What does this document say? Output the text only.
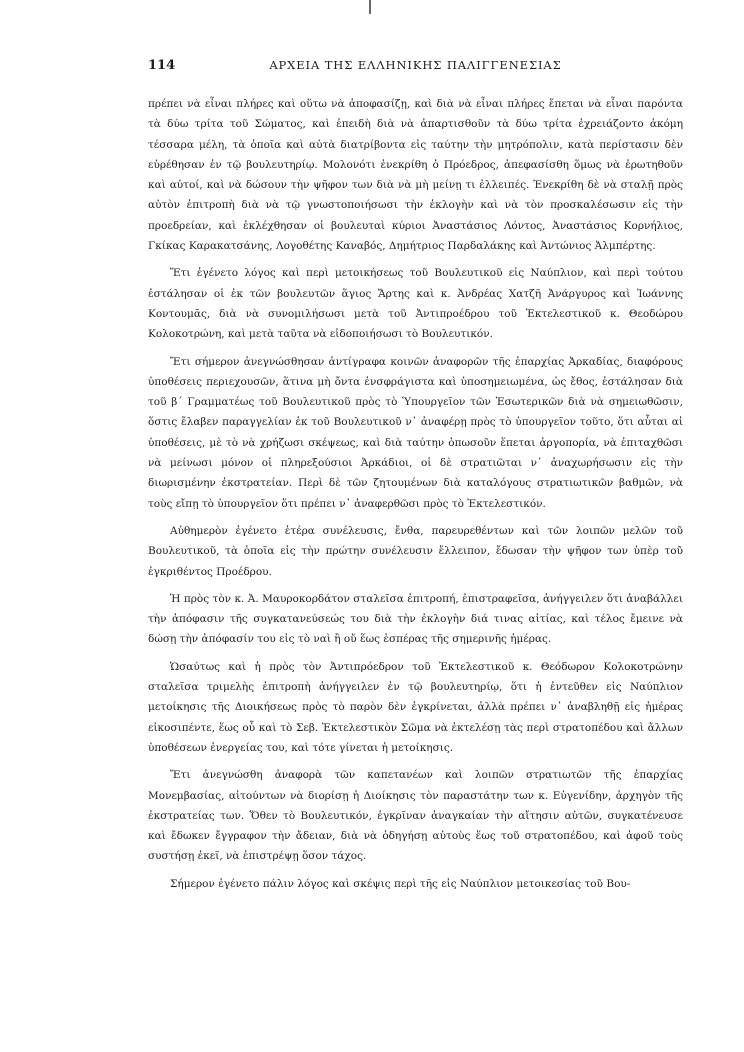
114	ΑΡΧΕΙΑ ΤΗΣ ΕΛΛΗΝΙΚΗΣ ΠΑΛΙΓΓΕΝΕΣΙΑΣ

πρέπει νὰ εἶναι πλήρες καὶ οὕτω νὰ ἀποφασίζῃ, καὶ διὰ νὰ εἶναι πλήρες ἔπεται νὰ εἶναι παρόντα τὰ δύω τρίτα τοῦ Σώματος, καὶ ἐπειδὴ διὰ νὰ ἀπαρτισθοῦν τὰ δύω τρίτα ἐχρειάζοντο ἀκόμη τέσσαρα μέλη, τὰ ὁποῖα καὶ αὐτὰ διατρίβοντα εἰς ταύτην τὴν μητρόπολιν, κατὰ περίστασιν δὲν εὑρέθησαν ἐν τῷ βουλευτηρίῳ. Μολονότι ἐνεκρίθη ὁ Πρόεδρος, ἀπεφασίσθη ὅμως νὰ ἐρωτηθοῦν καὶ αὐτοί, καὶ νὰ δώσουν τὴν ψῆφον των διὰ νὰ μὴ μείνῃ τι ἐλλειπές. Ἐνεκρίθη δὲ νὰ σταλῇ πρὸς αὐτὸν ἐπιτροπὴ διὰ νὰ τῷ γνωστοποιήσωσι τὴν ἐκλογὴν καὶ νὰ τὸν προσκαλέσωσιν εἰς τὴν προεδρείαν, καὶ ἐκλέχθησαν οἱ βουλευταὶ κύριοι Ἀναστάσιος Λόντος, Ἀναστάσιος Κορνήλιος, Γκίκας Καρακατσάνης, Λογοθέτης Καναβός, Δημήτριος Παρδαλάκης καὶ Ἀντώνιος Ἀλμπέρτης.

Ἔτι ἐγένετο λόγος καὶ περὶ μετοικήσεως τοῦ Βουλευτικοῦ εἰς Ναύπλιον, καὶ περὶ τούτου ἐστάλησαν οἱ ἐκ τῶν βουλευτῶν ἅγιος Ἄρτης καὶ κ. Ἀνδρέας Χατζῆ Ἀνάργυρος καὶ Ἰωάννης Κοντουμᾶς, διὰ νὰ συνομιλήσωσι μετὰ τοῦ Ἀντιπροέδρου τοῦ Ἐκτελεστικοῦ κ. Θεοδώρου Κολοκοτρώνη, καὶ μετὰ ταῦτα νὰ εἰδοποιήσωσι τὸ Βουλευτικόν.

Ἔτι σήμερον ἀνεγνώσθησαν ἀντίγραφα κοινῶν ἀναφορῶν τῆς ἐπαρχίας Ἀρκαδίας, διαφόρους ὑποθέσεις περιεχουσῶν, ἅτινα μὴ ὄντα ἐνσφράγιστα καὶ ὑποσημειωμένα, ὡς ἔθος, ἐστάλησαν διὰ τοῦ β΄ Γραμματέως τοῦ Βουλευτικοῦ πρὸς τὸ Ὑπουργεῖον τῶν Ἐσωτερικῶν διὰ νὰ σημειωθῶσιν, ὅστις ἔλαβεν παραγγελίαν ἐκ τοῦ Βουλευτικοῦ ν᾽ ἀναφέρῃ πρὸς τὸ ὑπουργεῖον τοῦτο, ὅτι αὗται αἱ ὑποθέσεις, μὲ τὸ νὰ χρήζωσι σκέψεως, καὶ διὰ ταύτην ὁπωσοῦν ἕπεται ἀργοπορία, νὰ ἐπιταχθῶσι νὰ μείνωσι μόνον οἱ πληρεξούσιοι Ἀρκάδιοι, οἱ δὲ στρατιῶται ν᾽ ἀναχωρήσωσιν εἰς τὴν διωρισμένην ἐκστρατείαν. Περὶ δὲ τῶν ζητουμένων διὰ καταλόγους στρατιωτικῶν βαθμῶν, νὰ τοὺς εἴπῃ τὸ ὑπουργεῖον ὅτι πρέπει ν᾽ ἀναφερθῶσι πρὸς τὸ Ἐκτελεστικόν.

Αὐθημερὸν ἐγένετο ἑτέρα συνέλευσις, ἔνθα, παρευρεθέντων καὶ τῶν λοιπῶν μελῶν τοῦ Βουλευτικοῦ, τὰ ὁποῖα εἰς τὴν πρώτην συνέλευσιν ἔλλειπον, ἔδωσαν τὴν ψῆφον των ὑπὲρ τοῦ ἐγκριθέντος Προέδρου.

Ἡ πρὸς τὸν κ. Ἀ. Μαυροκορδάτον σταλεῖσα ἐπιτροπή, ἐπιστραφεῖσα, ἀνήγγειλεν ὅτι ἀναβάλλει τὴν ἀπόφασιν τῆς συγκατανεύσεώς του διὰ τὴν ἐκλογὴν διά τινας αἰτίας, καὶ τέλος ἔμεινε νὰ δώσῃ τὴν ἀπόφασίν του εἰς τὸ ναὶ ἢ οὔ ἕως ἑσπέρας τῆς σημερινῆς ἡμέρας.

Ὡσαύτως καὶ ἡ πρὸς τὸν Ἀντιπρόεδρον τοῦ Ἐκτελεστικοῦ κ. Θεόδωρον Κολοκοτρώνην σταλεῖσα τριμελὴς ἐπιτροπὴ ἀνήγγειλεν ἐν τῷ βουλευτηρίῳ, ὅτι ἡ ἐντεῦθεν εἰς Ναύπλιον μετοίκησις τῆς Διοικήσεως πρὸς τὸ παρὸν δὲν ἐγκρίνεται, ἀλλὰ πρέπει ν᾽ ἀναβληθῇ εἰς ἡμέρας εἰκοσιπέντε, ἕως οὗ καὶ τὸ Σεβ. Ἐκτελεστικὸν Σῶμα νὰ ἐκτελέσῃ τὰς περὶ στρατοπέδου καὶ ἄλλων ὑποθέσεων ἐνεργείας του, καὶ τότε γίνεται ἡ μετοίκησις.

Ἔτι ἀνεγνώσθη ἀναφορὰ τῶν καπετανέων καὶ λοιπῶν στρατιωτῶν τῆς ἐπαρχίας Μονεμβασίας, αἰτούντων νὰ διορίσῃ ἡ Διοίκησις τὸν παραστάτην των κ. Εὐγενίδην, ἀρχηγὸν τῆς ἐκστρατείας των. Ὅθεν τὸ Βουλευτικόν, ἐγκρῖναν ἀναγκαίαν τὴν αἴτησιν αὐτῶν, συγκατένευσε καὶ ἔδωκεν ἔγγραφον τὴν ἄδειαν, διὰ νὰ ὁδηγήσῃ αὐτοὺς ἕως τοῦ στρατοπέδου, καὶ ἀφοῦ τοὺς συστήσῃ ἐκεῖ, νὰ ἐπιστρέψῃ ὅσον τάχος.

Σήμερον ἐγένετο πάλιν λόγος καὶ σκέψις περὶ τῆς εἰς Ναύπλιον μετοικεσίας τοῦ Βου-
